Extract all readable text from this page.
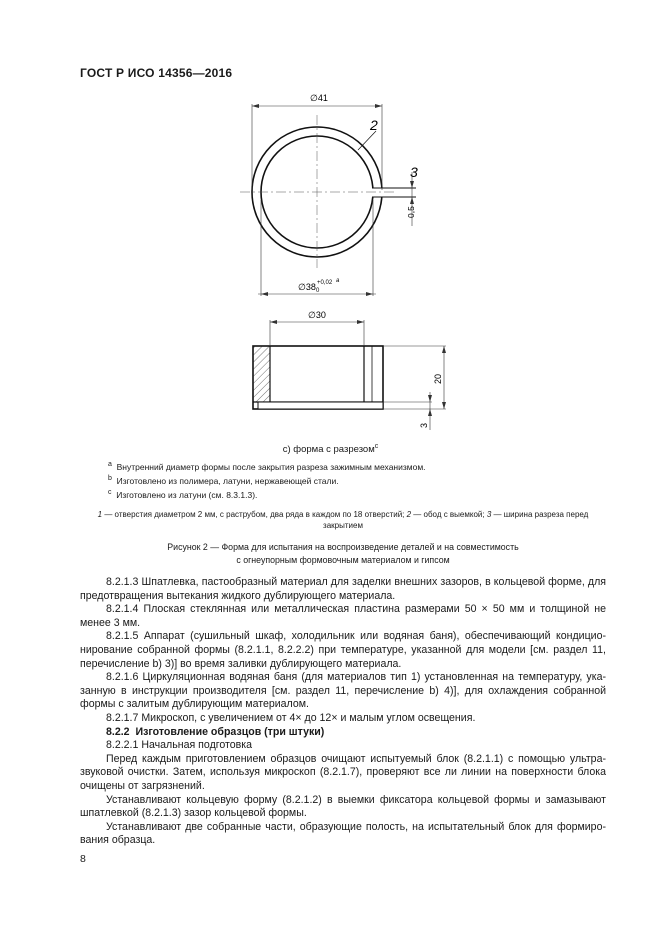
ГОСТ Р ИСО 14356—2016
∅41
2
3
0,5
∅38 0
+0,02 a
∅30
20
3
c) форма с разрезом$^c$
$^a$ Внутренний диаметр формы после закрытия разреза зажимным механизмом.
$^b$ Изготовлено из полимера, латуни, нержавеющей стали.
$^c$ Изготовлено из латуни (см. 8.3.1.3).
1 — отверстия диаметром 2 мм, с раструбом, два ряда в каждом по 18 отверстий; 2 — обод с выемкой; 3 — ширина разреза перед закрытием
Рисунок 2 — Форма для испытания на воспроизведение деталей и на совместимость
с огнеупорным формовочным материалом и гипсом

8.2.1.3 Шпатлевка, пастообразный материал для заделки внешних зазоров, в кольцевой форме, для предотвращения вытекания жидкого дублирующего материала.

8.2.1.4 Плоская стеклянная или металлическая пластина размерами 50 × 50 мм и толщиной не менее 3 мм.

8.2.1.5 Аппарат (сушильный шкаф, холодильник или водяная баня), обеспечивающий кондиционирование собранной формы (8.2.1.1, 8.2.2.2) при температуре, указанной для модели [см. раздел 11, перечисление b) 3)] во время заливки дублирующего материала.

8.2.1.6 Циркуляционная водяная баня (для материалов тип 1) установленная на температуру, указанную в инструкции производителя [см. раздел 11, перечисление b) 4)], для охлаждения собранной формы с залитым дублирующим материалом.

8.2.1.7 Микроскоп, с увеличением от 4× до 12× и малым углом освещения.

8.2.2 Изготовление образцов (три штуки)

8.2.2.1 Начальная подготовка

Перед каждым приготовлением образцов очищают испытуемый блок (8.2.1.1) с помощью ультразвуковой очистки. Затем, используя микроскоп (8.2.1.7), проверяют все ли линии на поверхности блока очищены от загрязнений.

Устанавливают кольцевую форму (8.2.1.2) в выемки фиксатора кольцевой формы и замазывают шпатлевкой (8.2.1.3) зазор кольцевой формы.

Устанавливают две собранные части, образующие полость, на испытательный блок для формирования образца.

8
